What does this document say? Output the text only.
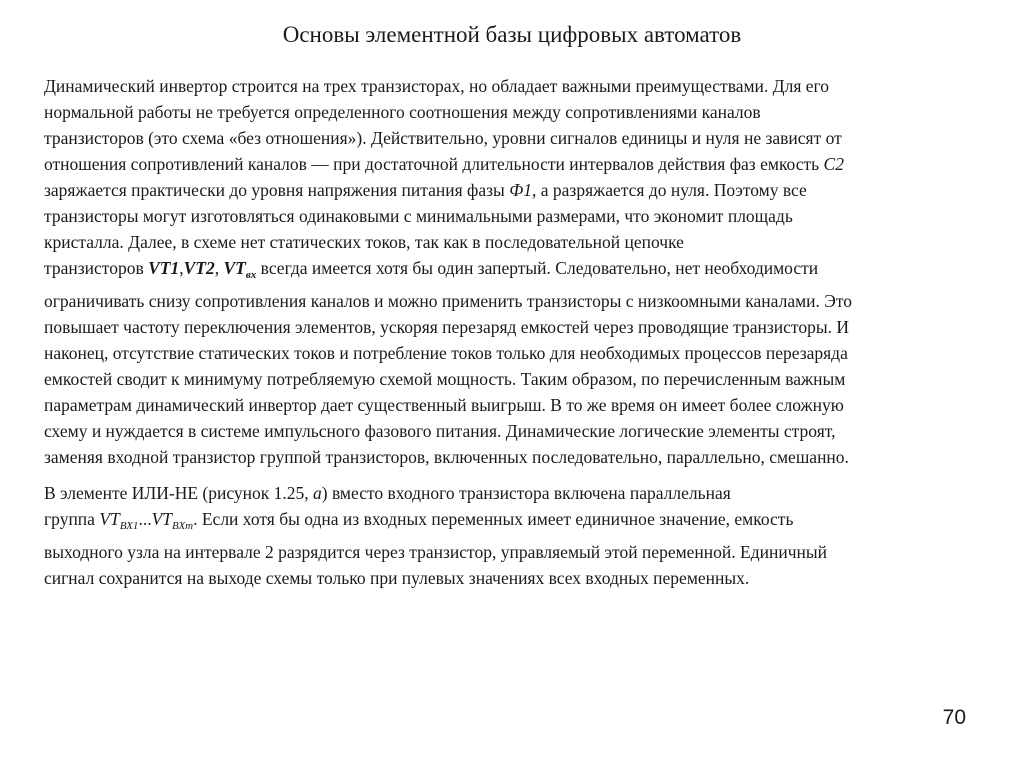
Основы элементной базы цифровых автоматов

Динамический инвертор строится на трех транзисторах, но обладает важными преимуществами. Для его

нормальной работы не требуется определенного соотношения между сопротивлениями каналов

транзисторов (это схема «без отношения»). Действительно, уровни сигналов единицы и нуля не зависят от

отношения сопротивлений каналов — при достаточной длительности интервалов действия фаз емкость С2

заряжается практически до уровня напряжения питания фазы Ф1, а разряжается до нуля. Поэтому все

транзисторы могут изготовляться одинаковыми с минимальными размерами, что экономит площадь

кристалла. Далее, в схеме нет статических токов, так как в последовательной цепочке

транзисторов VT1,VT2, $VT_{вх}$ всегда имеется хотя бы один запертый. Следовательно, нет необходимости

ограничивать снизу сопротивления каналов и можно применить транзисторы с низкоомными каналами. Это

повышает частоту переключения элементов, ускоряя перезаряд емкостей через проводящие транзисторы. И

наконец, отсутствие статических токов и потребление токов только для необходимых процессов перезаряда

емкостей сводит к минимуму потребляемую схемой мощность. Таким образом, по перечисленным важным

параметрам динамический инвертор дает существенный выигрыш. В то же время он имеет более сложную

схему и нуждается в системе импульсного фазового питания. Динамические логические элементы строят,

заменяя входной транзистор группой транзисторов, включенных последовательно, параллельно, смешанно.

В элементе ИЛИ-НЕ (рисунок 1.25, а) вместо входного транзистора включена параллельная

группа $VT_{ВХ1}...VT_{ВХm}$. Если хотя бы одна из входных переменных имеет единичное значение, емкость

выходного узла на интервале 2 разрядится через транзистор, управляемый этой переменной. Единичный

сигнал сохранится на выходе схемы только при пулевых значениях всех входных переменных.

70
